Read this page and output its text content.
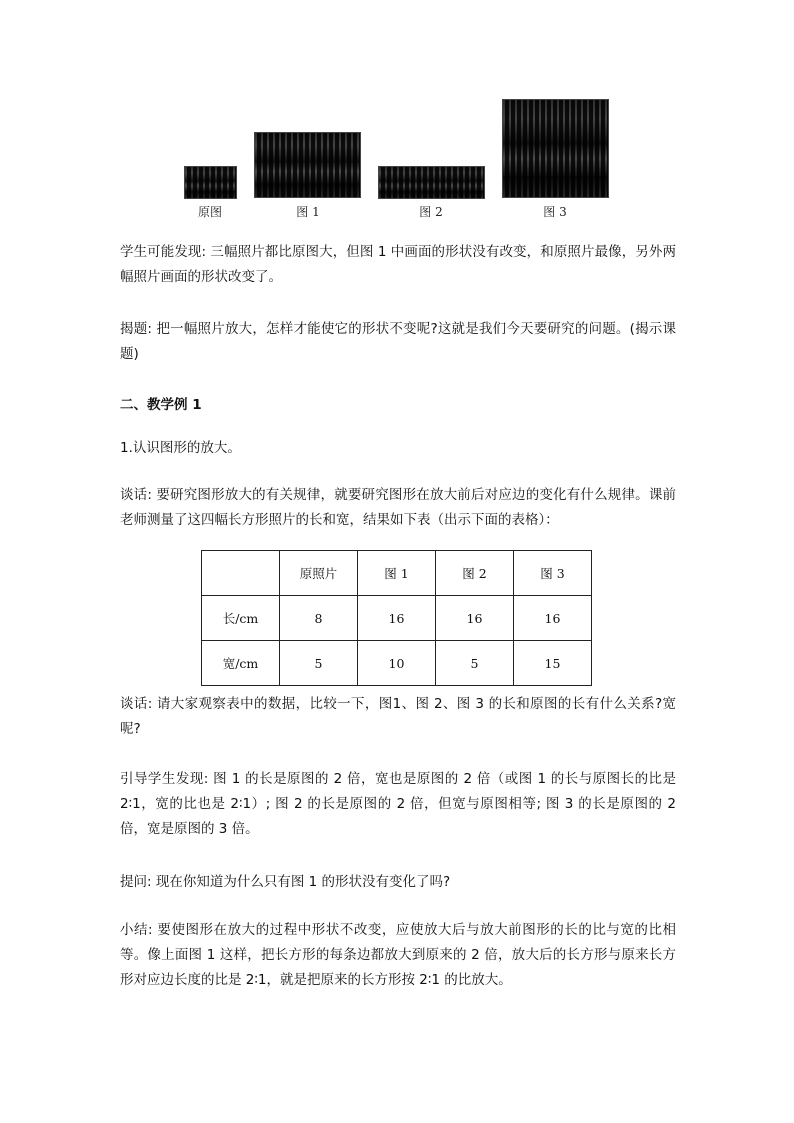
原图	图 1	图 2	图 3

学生可能发现: 三幅照片都比原图大，但图 1 中画面的形状没有改变，和原照片最像，另外两幅照片画面的形状改变了。

揭题: 把一幅照片放大，怎样才能使它的形状不变呢?这就是我们今天要研究的问题。(揭示课题)

二、教学例 1

1.认识图形的放大。

谈话: 要研究图形放大的有关规律，就要研究图形在放大前后对应边的变化有什么规律。课前老师测量了这四幅长方形照片的长和宽，结果如下表（出示下面的表格）：

	原照片	图 1	图 2	图 3
长/cm	8	16	16	16
宽/cm	5	10	5	15

谈话: 请大家观察表中的数据，比较一下，图1、图 2、图 3 的长和原图的长有什么关系?宽呢?

引导学生发现: 图 1 的长是原图的 2 倍，宽也是原图的 2 倍（或图 1 的长与原图长的比是 2∶1，宽的比也是 2∶1）; 图 2 的长是原图的 2 倍，但宽与原图相等; 图 3 的长是原图的 2 倍，宽是原图的 3 倍。

提问: 现在你知道为什么只有图 1 的形状没有变化了吗?

小结: 要使图形在放大的过程中形状不改变，应使放大后与放大前图形的长的比与宽的比相等。像上面图 1 这样，把长方形的每条边都放大到原来的 2 倍，放大后的长方形与原来长方形对应边长度的比是 2∶1，就是把原来的长方形按 2∶1 的比放大。
